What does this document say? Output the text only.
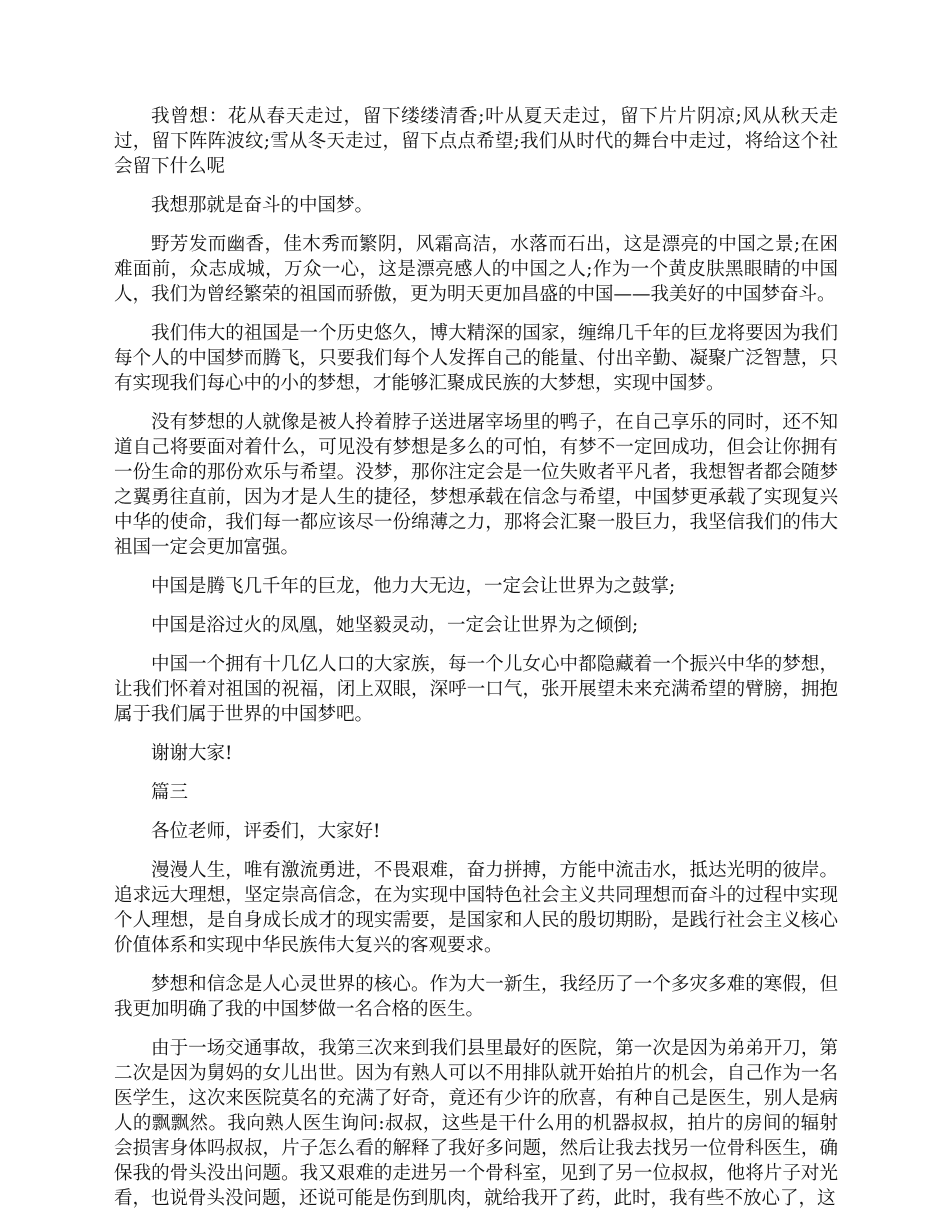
我曾想：花从春天走过，留下缕缕清香;叶从夏天走过，留下片片阴凉;风从秋天走过，留下阵阵波纹;雪从冬天走过，留下点点希望;我们从时代的舞台中走过，将给这个社会留下什么呢

我想那就是奋斗的中国梦。

野芳发而幽香，佳木秀而繁阴，风霜高洁，水落而石出，这是漂亮的中国之景;在困难面前，众志成城，万众一心，这是漂亮感人的中国之人;作为一个黄皮肤黑眼睛的中国人，我们为曾经繁荣的祖国而骄傲，更为明天更加昌盛的中国——我美好的中国梦奋斗。

我们伟大的祖国是一个历史悠久，博大精深的国家，缠绵几千年的巨龙将要因为我们每个人的中国梦而腾飞，只要我们每个人发挥自己的能量、付出辛勤、凝聚广泛智慧，只有实现我们每心中的小的梦想，才能够汇聚成民族的大梦想，实现中国梦。

没有梦想的人就像是被人拎着脖子送进屠宰场里的鸭子，在自己享乐的同时，还不知道自己将要面对着什么，可见没有梦想是多么的可怕，有梦不一定回成功，但会让你拥有一份生命的那份欢乐与希望。没梦，那你注定会是一位失败者平凡者，我想智者都会随梦之翼勇往直前，因为才是人生的捷径，梦想承载在信念与希望，中国梦更承载了实现复兴中华的使命，我们每一都应该尽一份绵薄之力，那将会汇聚一股巨力，我坚信我们的伟大祖国一定会更加富强。

中国是腾飞几千年的巨龙，他力大无边，一定会让世界为之鼓掌;

中国是浴过火的凤凰，她坚毅灵动，一定会让世界为之倾倒;

中国一个拥有十几亿人口的大家族，每一个儿女心中都隐藏着一个振兴中华的梦想，让我们怀着对祖国的祝福，闭上双眼，深呼一口气，张开展望未来充满希望的臂膀，拥抱属于我们属于世界的中国梦吧。

谢谢大家!

篇三

各位老师，评委们，大家好!

漫漫人生，唯有激流勇进，不畏艰难，奋力拼搏，方能中流击水，抵达光明的彼岸。追求远大理想，坚定崇高信念，在为实现中国特色社会主义共同理想而奋斗的过程中实现个人理想，是自身成长成才的现实需要，是国家和人民的殷切期盼，是践行社会主义核心价值体系和实现中华民族伟大复兴的客观要求。

梦想和信念是人心灵世界的核心。作为大一新生，我经历了一个多灾多难的寒假，但我更加明确了我的中国梦做一名合格的医生。

由于一场交通事故，我第三次来到我们县里最好的医院，第一次是因为弟弟开刀，第二次是因为舅妈的女儿出世。因为有熟人可以不用排队就开始拍片的机会，自己作为一名医学生，这次来医院莫名的充满了好奇，竟还有少许的欣喜，有种自己是医生，别人是病人的飘飘然。我向熟人医生询问:叔叔，这些是干什么用的机器叔叔，拍片的房间的辐射会损害身体吗叔叔，片子怎么看的解释了我好多问题，然后让我去找另一位骨科医生，确保我的骨头没出问题。我又艰难的走进另一个骨科室，见到了另一位叔叔，他将片子对光看，也说骨头没问题，还说可能是伤到肌肉，就给我开了药，此时，我有些不放心了，这
